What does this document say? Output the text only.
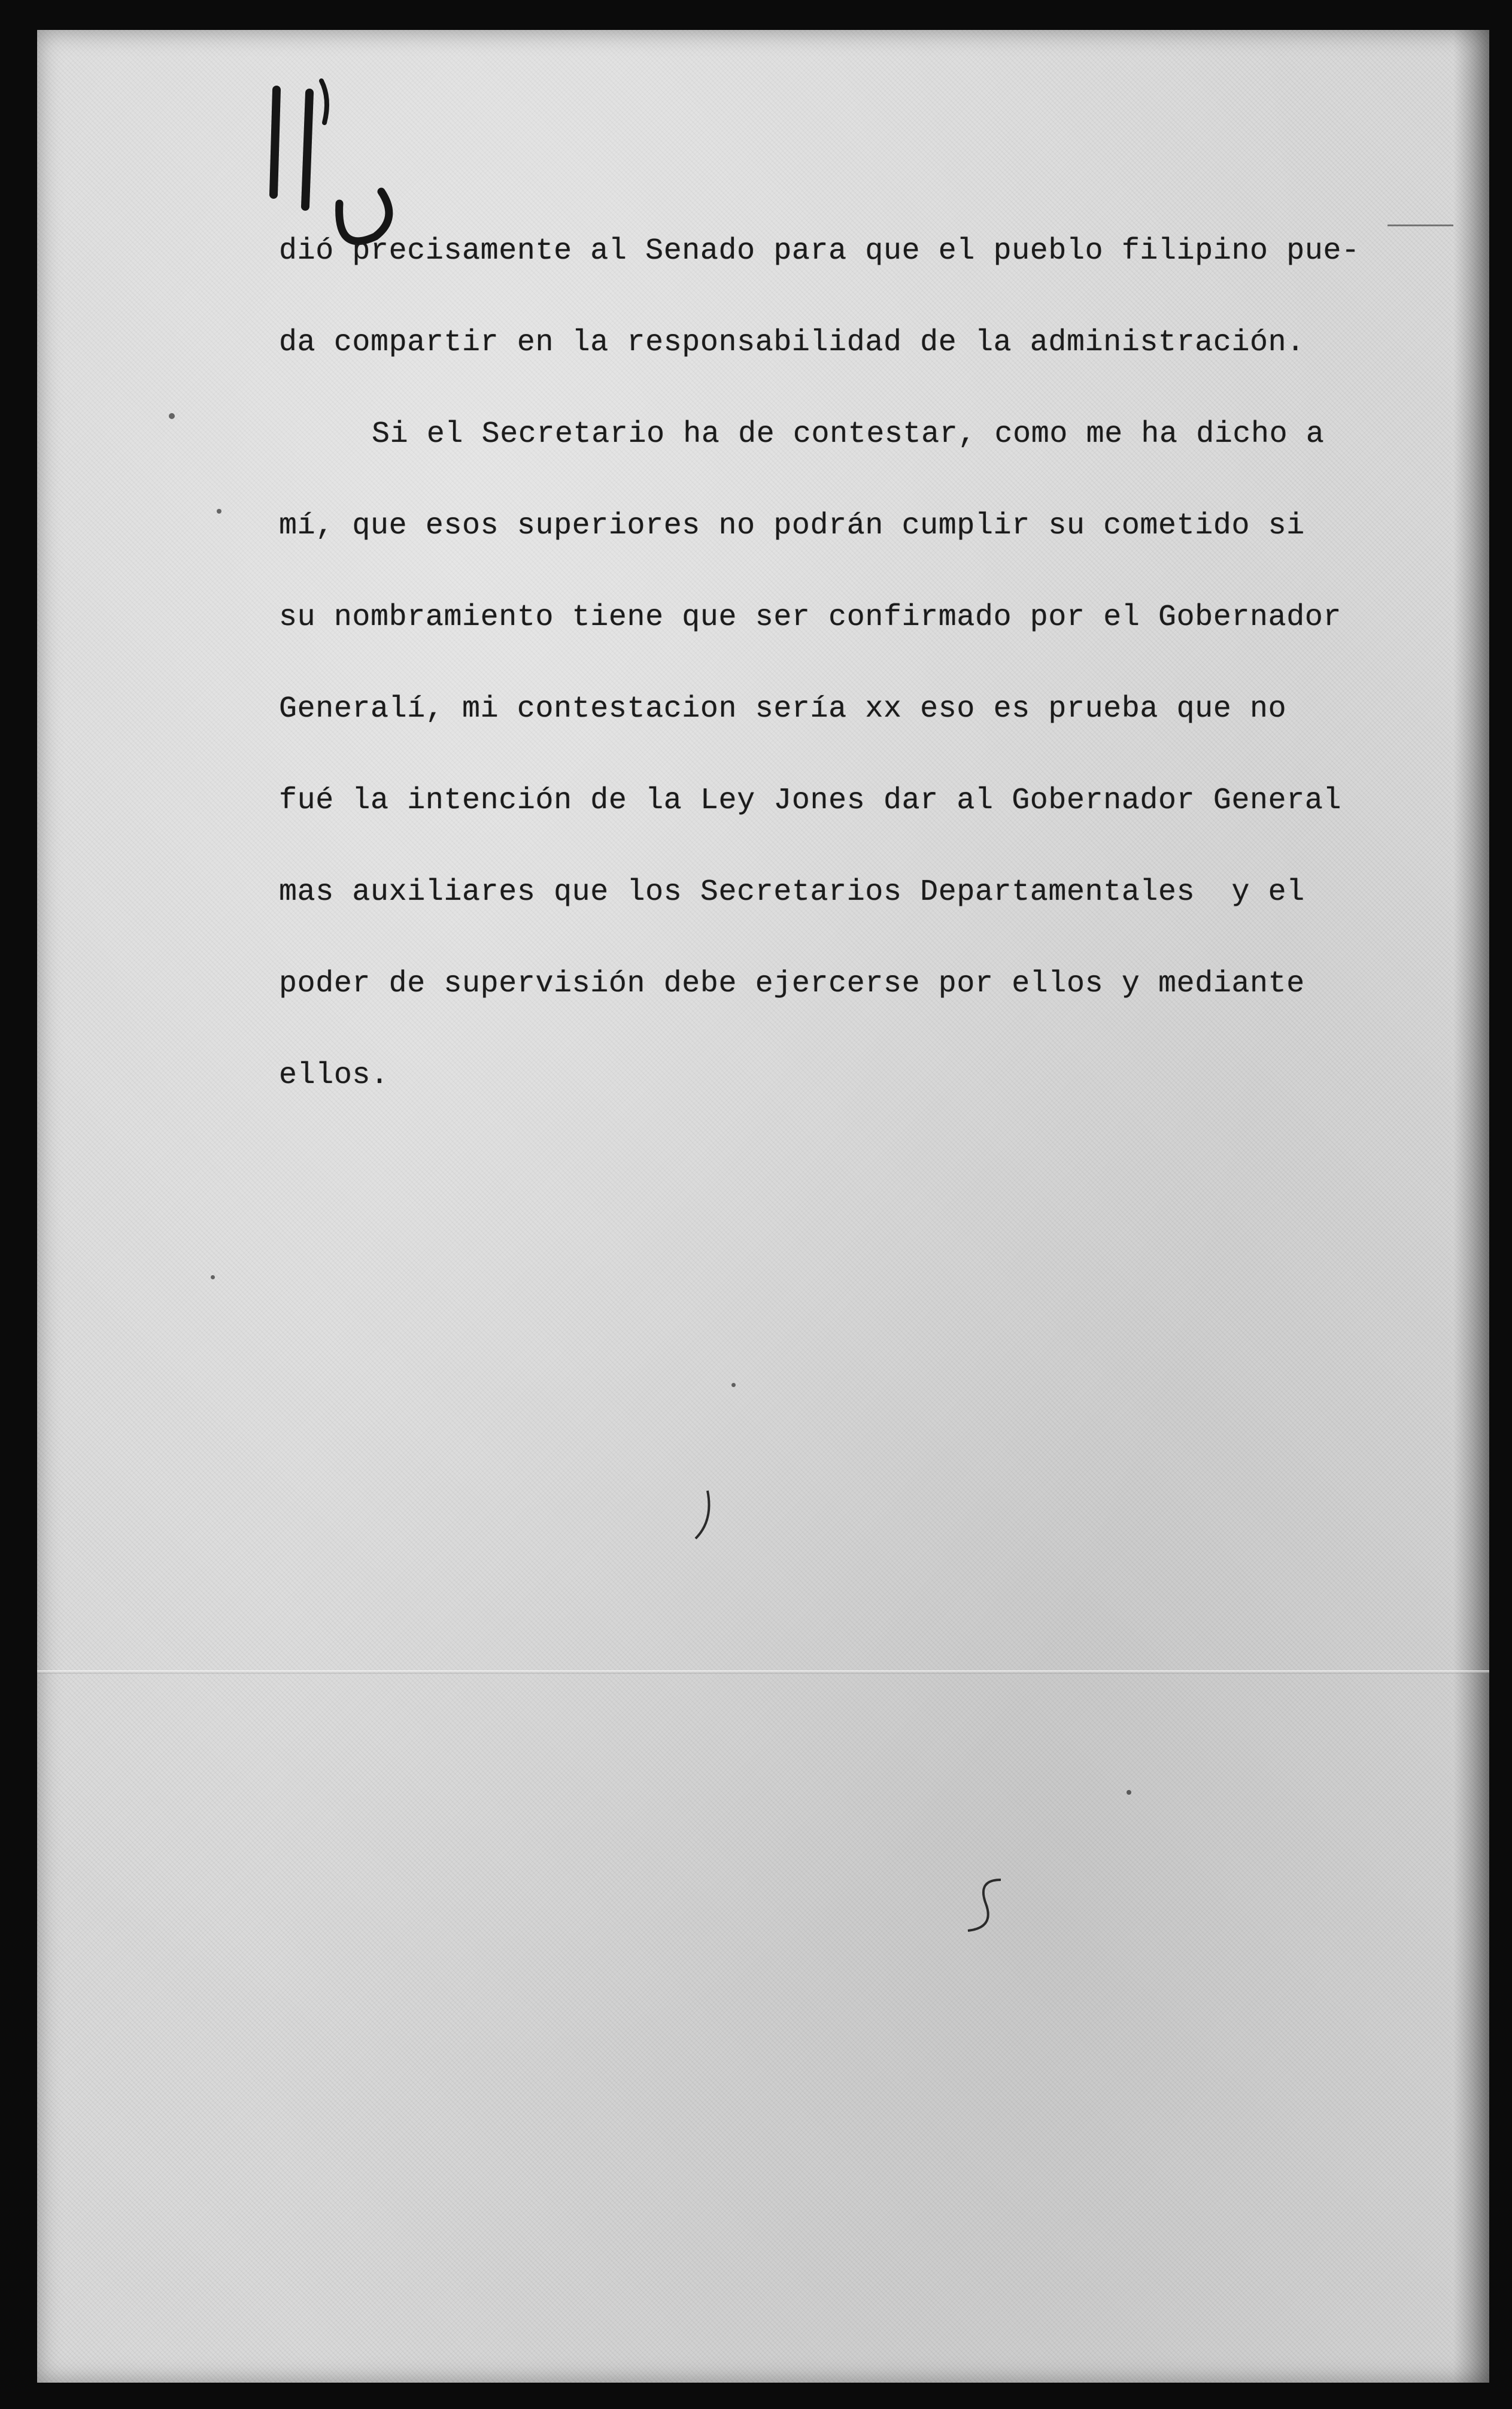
dió precisamente al Senado para que el pueblo filipino pue-
da compartir en la responsabilidad de la administración.
Si el Secretario ha de contestar, como me ha dicho a
mí, que esos superiores no podrán cumplir su cometido si
su nombramiento tiene que ser confirmado por el Gobernador
Generalí, mi contestacion sería xx eso es prueba que no
fué la intención de la Ley Jones dar al Gobernador General
mas auxiliares que los Secretarios Departamentales  y el
poder de supervisión debe ejercerse por ellos y mediante
ellos.
